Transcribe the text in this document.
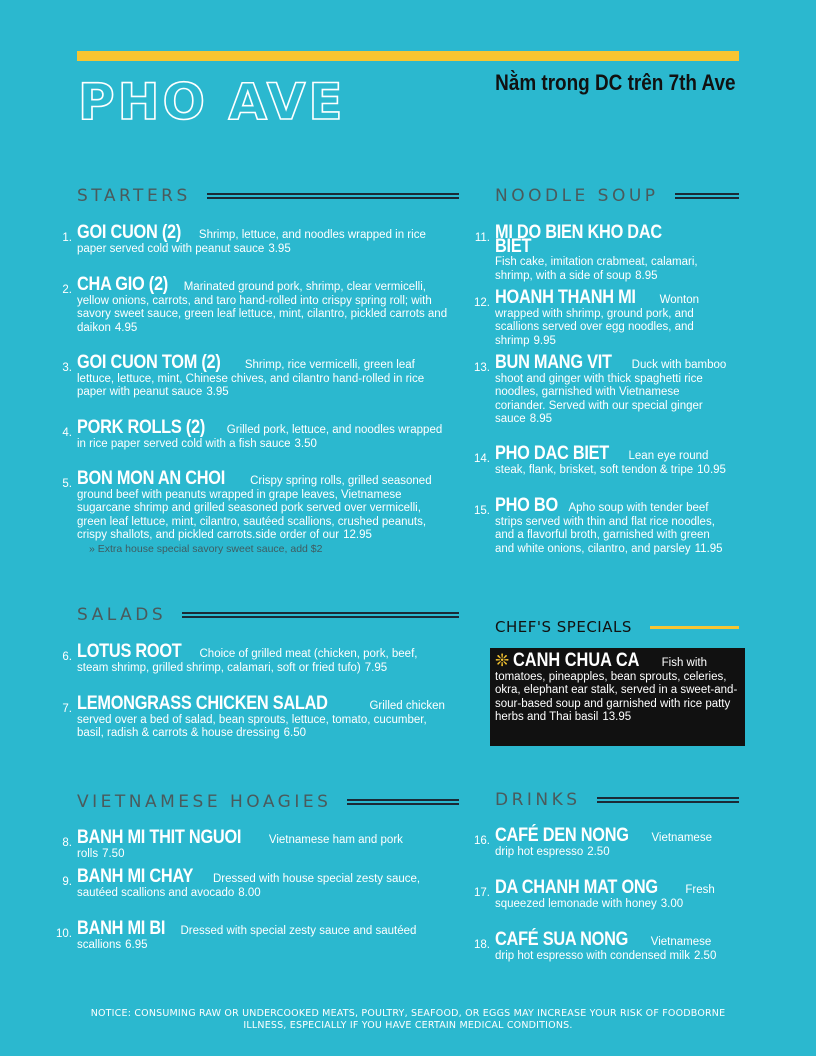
PHO AVE	Nằm trong DC trên 7th Ave
STARTERS
1. GOI CUON (2) Shrimp, lettuce, and noodles wrapped in rice paper served cold with peanut sauce 3.95
2. CHA GIO (2) Marinated ground pork, shrimp, clear vermicelli, yellow onions, carrots, and taro hand-rolled into crispy spring roll; with savory sweet sauce, green leaf lettuce, mint, cilantro, pickled carrots and daikon 4.95
3. GOI CUON TOM (2) Shrimp, rice vermicelli, green leaf lettuce, lettuce, mint, Chinese chives, and cilantro hand-rolled in rice paper with peanut sauce 3.95
4. PORK ROLLS (2) Grilled pork, lettuce, and noodles wrapped in rice paper served cold with a fish sauce 3.50
5. BON MON AN CHOI Crispy spring rolls, grilled seasoned ground beef with peanuts wrapped in grape leaves, Vietnamese sugarcane shrimp and grilled seasoned pork served over vermicelli, green leaf lettuce, mint, cilantro, sautéed scallions, crushed peanuts, crispy shallots, and pickled carrots.side order of our 12.95
» Extra house special savory sweet sauce, add $2
NOODLE SOUP
11. MI DO BIEN KHO DAC BIET Fish cake, imitation crabmeat, calamari, shrimp, with a side of soup 8.95
12. HOANH THANH MI Wonton wrapped with shrimp, ground pork, and scallions served over egg noodles, and shrimp 9.95
13. BUN MANG VIT Duck with bamboo shoot and ginger with thick spaghetti rice noodles, garnished with Vietnamese coriander. Served with our special ginger sauce 8.95
14. PHO DAC BIET Lean eye round steak, flank, brisket, soft tendon & tripe 10.95
15. PHO BO Apho soup with tender beef strips served with thin and flat rice noodles, and a flavorful broth, garnished with green and white onions, cilantro, and parsley 11.95
SALADS
6. LOTUS ROOT Choice of grilled meat (chicken, pork, beef, steam shrimp, grilled shrimp, calamari, soft or fried tufo) 7.95
7. LEMONGRASS CHICKEN SALAD	Grilled chicken served over a bed of salad, bean sprouts, lettuce, tomato, cucumber, basil, radish & carrots & house dressing 6.50
CHEF'S SPECIALS
❊ CANH CHUA CA Fish with tomatoes, pineapples, bean sprouts, celeries, okra, elephant ear stalk, served in a sweet-and-sour-based soup and garnished with rice patty herbs and Thai basil 13.95
VIETNAMESE HOAGIES
8. BANH MI THIT NGUOI Vietnamese ham and pork rolls 7.50
9. BANH MI CHAY Dressed with house special zesty sauce, sautéed scallions and avocado 8.00
10. BANH MI BI Dressed with special zesty sauce and sautéed scallions 6.95
DRINKS
16. CAFÉ DEN NONG Vietnamese drip hot espresso 2.50
17. DA CHANH MAT ONG Fresh squeezed lemonade with honey 3.00
18. CAFÉ SUA NONG Vietnamese drip hot espresso with condensed milk 2.50
NOTICE: CONSUMING RAW OR UNDERCOOKED MEATS, POULTRY, SEAFOOD, OR EGGS MAY INCREASE YOUR RISK OF FOODBORNE ILLNESS, ESPECIALLY IF YOU HAVE CERTAIN MEDICAL CONDITIONS.
